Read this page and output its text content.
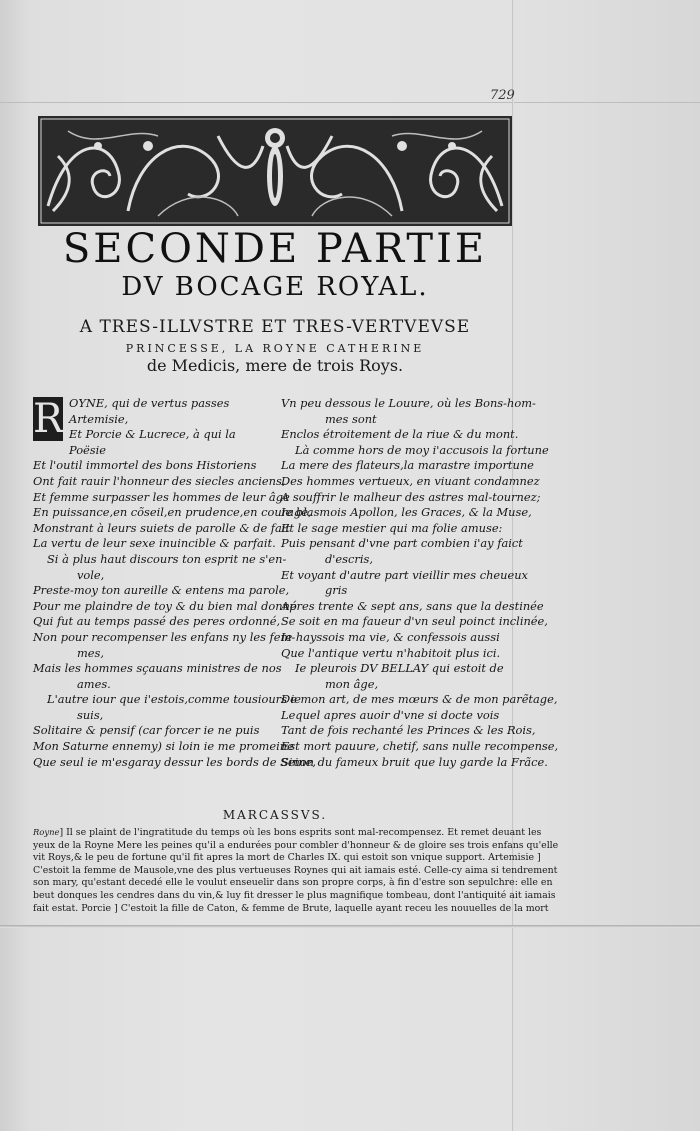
729
SECONDE PARTIE
DV BOCAGE ROYAL.
A TRES-ILLVSTRE ET TRES-VERTVEVSE
PRINCESSE, LA ROYNE CATHERINE
de Medicis, mere de trois Roys.
R OYNE, qui de vertus passes
Artemisie,
Et Porcie & Lucrece, à qui la
Poësie
Et l'outil immortel des bons Historiens
Ont fait rauir l'honneur des siecles anciens,
Et femme surpasser les hommes de leur âge
En puissance,en cõseil,en prudence,en courage,
Monstrant à leurs suiets de parolle & de fait
La vertu de leur sexe inuincible & parfait.
Si à plus haut discours ton esprit ne s'en-
vole,
Preste-moy ton aureille & entens ma parole,
Pour me plaindre de toy & du bien mal donné
Qui fut au temps passé des peres ordonné,
Non pour recompenser les enfans ny les fem-
mes,
Mais les hommes sçauans ministres de nos
ames.
L'autre iour que i'estois,comme tousiours ie
suis,
Solitaire & pensif (car forcer ie ne puis
Mon Saturne ennemy) si loin ie me promeine
Que seul ie m'esgaray dessur les bords de Seine,
Vn peu dessous le Louure, où les Bons-hom-
mes sont
Enclos étroitement de la riue & du mont.
Là comme hors de moy i'accusois la fortune
La mere des flateurs,la marastre importune
Des hommes vertueux, en viuant condamnez
A souffrir le malheur des astres mal-tournez;
Ie blasmois Apollon, les Graces, & la Muse,
Et le sage mestier qui ma folie amuse:
Puis pensant d'vne part combien i'ay faict
d'escris,
Et voyant d'autre part vieillir mes cheueux
gris
Apres trente & sept ans, sans que la destinée
Se soit en ma faueur d'vn seul poinct inclinée,
Ie hayssois ma vie, & confessois aussi
Que l'antique vertu n'habitoit plus ici.
Ie pleurois DV BELLAY qui estoit de
mon âge,
De mon art, de mes mœurs & de mon parẽtage,
Lequel apres auoir d'vne si docte vois
Tant de fois rechanté les Princes & les Rois,
Est mort pauure, chetif, sans nulle recompense,
Sinon du fameux bruit que luy garde la Frãce.
MARCASSVS.
Royne] Il se plaint de l'ingratitude du temps où les bons esprits sont mal-recompensez. Et remet deuant les
yeux de la Royne Mere les peines qu'il a endurées pour combler d'honneur & de gloire ses trois enfans qu'elle
vit Roys,& le peu de fortune qu'il fit apres la mort de Charles IX. qui estoit son vnique support. Artemisie ]
C'estoit la femme de Mausole,vne des plus vertueuses Roynes qui ait iamais esté. Celle-cy aima si tendrement
son mary, qu'estant decedé elle le voulut enseuelir dans son propre corps, à fin d'estre son sepulchre: elle en
beut donques les cendres dans du vin,& luy fit dresser le plus magnifique tombeau, dont l'antiquité ait iamais
fait estat. Porcie ] C'estoit la fille de Caton, & femme de Brute, laquelle ayant receu les nouuelles de la mort
